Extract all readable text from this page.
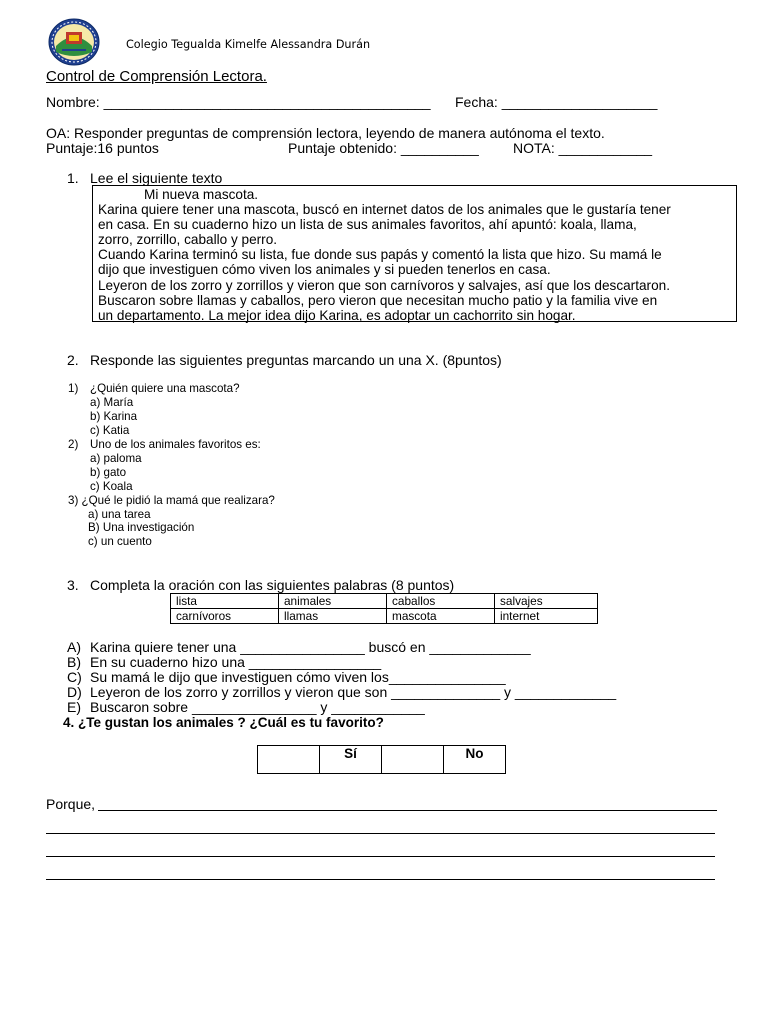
Colegio Tegualda Kimelfe Alessandra Durán
Control de Comprensión Lectora.
Nombre: __________________________________________ Fecha: ____________________
OA: Responder preguntas de comprensión lectora, leyendo de manera autónoma el texto.
Puntaje:16 puntos	Puntaje obtenido: __________ NOTA: ____________
1. Lee el siguiente texto
Mi nueva mascota.
Karina quiere tener una mascota, buscó en internet datos de los animales que le gustaría tener
en casa. En su cuaderno hizo un lista de sus animales favoritos, ahí apuntó: koala, llama,
zorro, zorrillo, caballo y perro.
Cuando Karina terminó su lista, fue donde sus papás y comentó la lista que hizo. Su mamá le
dijo que investiguen cómo viven los animales y si pueden tenerlos en casa.
Leyeron de los zorro y zorrillos y vieron que son carnívoros y salvajes, así que los descartaron.
Buscaron sobre llamas y caballos, pero vieron que necesitan mucho patio y la familia vive en
un departamento. La mejor idea dijo Karina, es adoptar un cachorrito sin hogar.
2. Responde las siguientes preguntas marcando un una X. (8puntos)
1) ¿Quién quiere una mascota?
a) María
b) Karina
c) Katia
2) Uno de los animales favoritos es:
a) paloma
b) gato
c) Koala
3) ¿Qué le pidió la mamá que realizara?
a) una tarea
B) Una investigación
c) un cuento
3. Completa la oración con las siguientes palabras (8 puntos)
lista	animales	caballos	salvajes
carnívoros	llamas	mascota	internet
A) Karina quiere tener una ________________ buscó en _____________
B) En su cuaderno hizo una _________________
C) Su mamá le dijo que investiguen cómo viven los_______________
D) Leyeron de los zorro y zorrillos y vieron que son ______________ y _____________
E) Buscaron sobre ________________ y ____________
4. ¿Te gustan los animales ? ¿Cuál es tu favorito?
	Sí		No
Porque,
